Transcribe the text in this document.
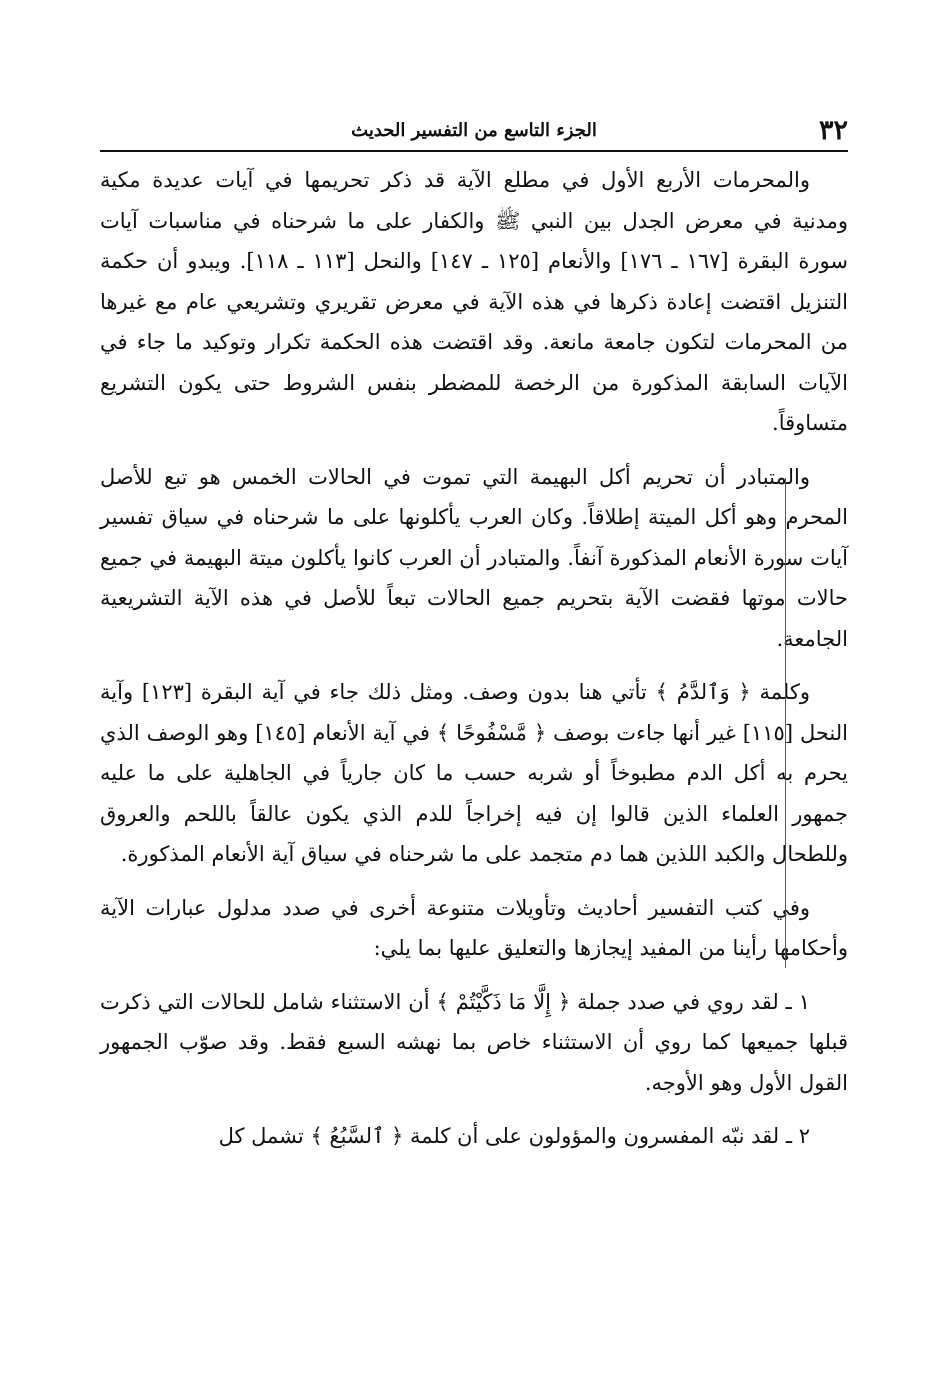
٣٢
الجزء التاسع من التفسير الحديث

والمحرمات الأربع الأول في مطلع الآية قد ذكر تحريمها في آيات عديدة مكية ومدنية في معرض الجدل بين النبي ﷺ والكفار على ما شرحناه في مناسبات آيات سورة البقرة [١٦٧ ـ ١٧٦] والأنعام [١٢٥ ـ ١٤٧] والنحل [١١٣ ـ ١١٨]. ويبدو أن حكمة التنزيل اقتضت إعادة ذكرها في هذه الآية في معرض تقريري وتشريعي عام مع غيرها من المحرمات لتكون جامعة مانعة. وقد اقتضت هذه الحكمة تكرار وتوكيد ما جاء في الآيات السابقة المذكورة من الرخصة للمضطر بنفس الشروط حتى يكون التشريع متساوقاً.

والمتبادر أن تحريم أكل البهيمة التي تموت في الحالات الخمس هو تبع للأصل المحرم وهو أكل الميتة إطلاقاً. وكان العرب يأكلونها على ما شرحناه في سياق تفسير آيات سورة الأنعام المذكورة آنفاً. والمتبادر أن العرب كانوا يأكلون ميتة البهيمة في جميع حالات موتها فقضت الآية بتحريم جميع الحالات تبعاً للأصل في هذه الآية التشريعية الجامعة.

وكلمة ﴿ وَٱلدَّمُ ﴾ تأتي هنا بدون وصف. ومثل ذلك جاء في آية البقرة [١٢٣] وآية النحل [١١٥] غير أنها جاءت بوصف ﴿ مَّسْفُوحًا ﴾ في آية الأنعام [١٤٥] وهو الوصف الذي يحرم به أكل الدم مطبوخاً أو شربه حسب ما كان جارياً في الجاهلية على ما عليه جمهور العلماء الذين قالوا إن فيه إخراجاً للدم الذي يكون عالقاً باللحم والعروق وللطحال والكبد اللذين هما دم متجمد على ما شرحناه في سياق آية الأنعام المذكورة.

وفي كتب التفسير أحاديث وتأويلات متنوعة أخرى في صدد مدلول عبارات الآية وأحكامها رأينا من المفيد إيجازها والتعليق عليها بما يلي:

١ ـ لقد روي في صدد جملة ﴿ إِلَّا مَا ذَكَّيْتُمْ ﴾ أن الاستثناء شامل للحالات التي ذكرت قبلها جميعها كما روي أن الاستثناء خاص بما نهشه السبع فقط. وقد صوّب الجمهور القول الأول وهو الأوجه.

٢ ـ لقد نبّه المفسرون والمؤولون على أن كلمة ﴿ ٱلسَّبُعُ ﴾ تشمل كل
